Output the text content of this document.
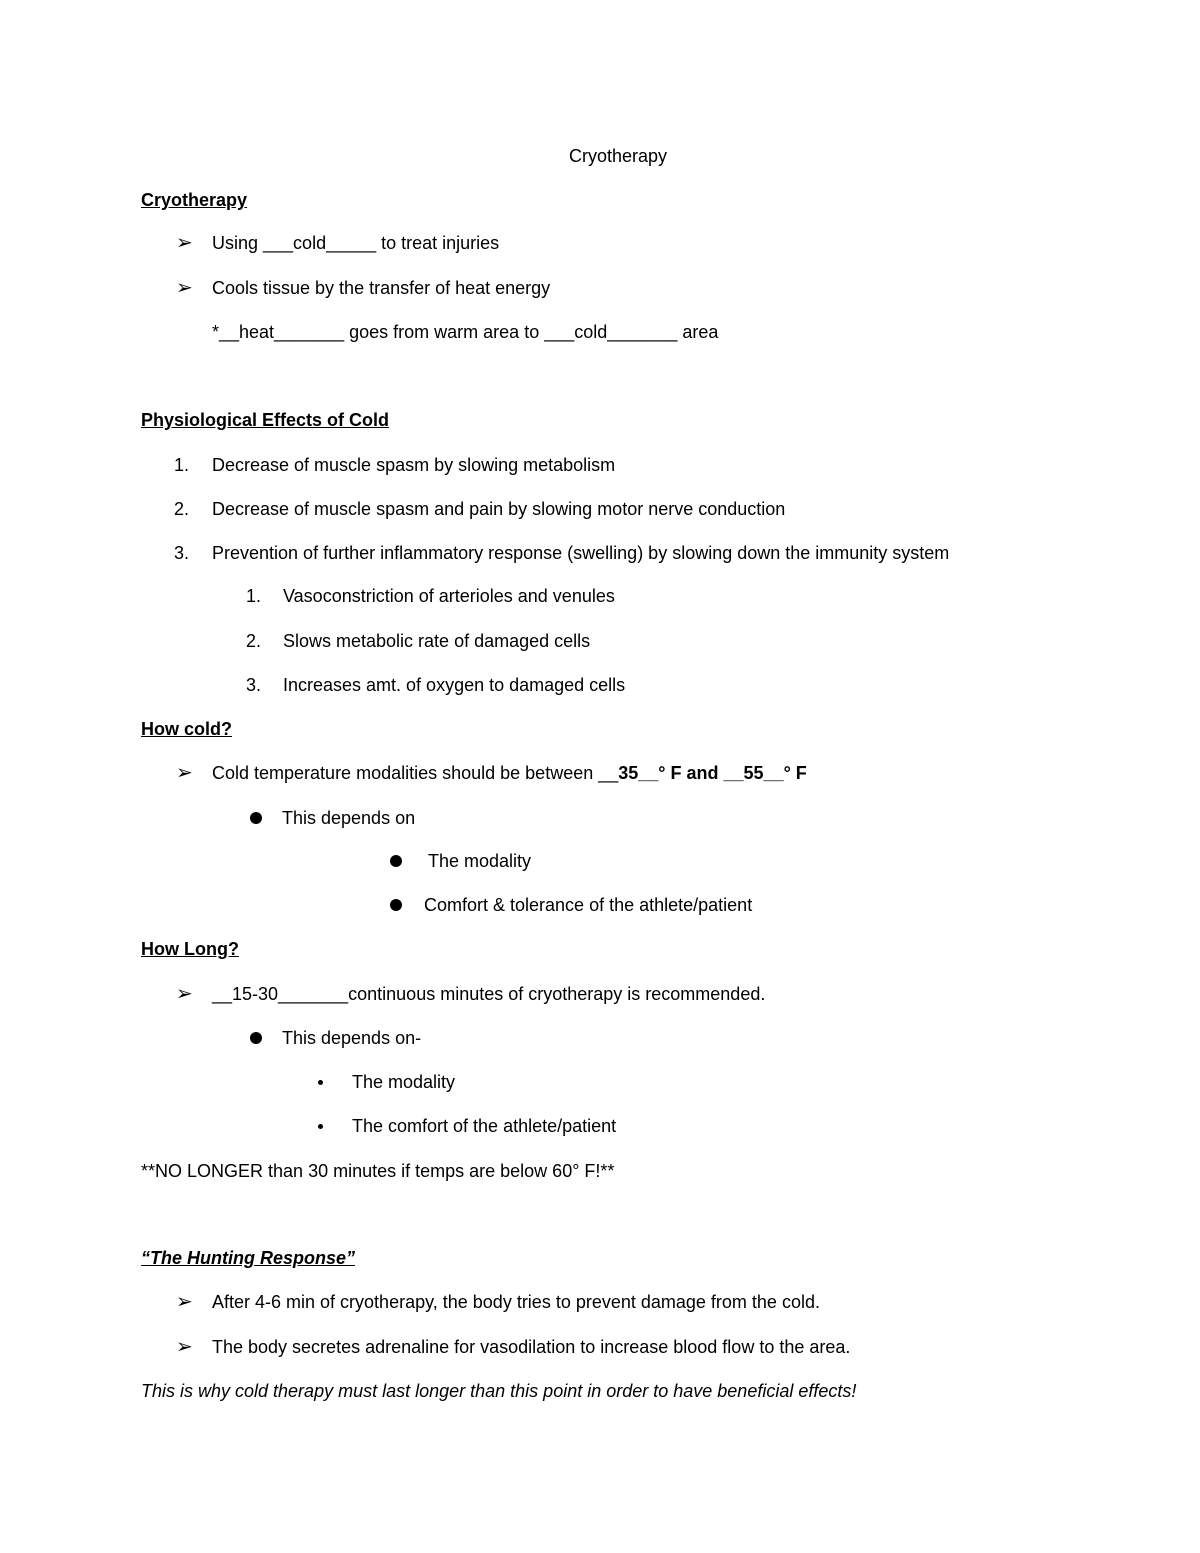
Cryotherapy
Cryotherapy
➢ Using ___cold_____ to treat injuries
➢ Cools tissue by the transfer of heat energy
*__heat_______ goes from warm area to ___cold_______ area
Physiological Effects of Cold
1. Decrease of muscle spasm by slowing metabolism
2. Decrease of muscle spasm and pain by slowing motor nerve conduction
3. Prevention of further inflammatory response (swelling) by slowing down the immunity system
1. Vasoconstriction of arterioles and venules
2. Slows metabolic rate of damaged cells
3. Increases amt. of oxygen to damaged cells
How cold?
➢ Cold temperature modalities should be between __35__° F and __55__° F
This depends on
The modality
Comfort & tolerance of the athlete/patient
How Long?
➢ __15-30_______continuous minutes of cryotherapy is recommended.
This depends on-
The modality
The comfort of the athlete/patient
**NO LONGER than 30 minutes if temps are below 60° F!**
“The Hunting Response”
➢ After 4-6 min of cryotherapy, the body tries to prevent damage from the cold.
➢ The body secretes adrenaline for vasodilation to increase blood flow to the area.
This is why cold therapy must last longer than this point in order to have beneficial effects!
